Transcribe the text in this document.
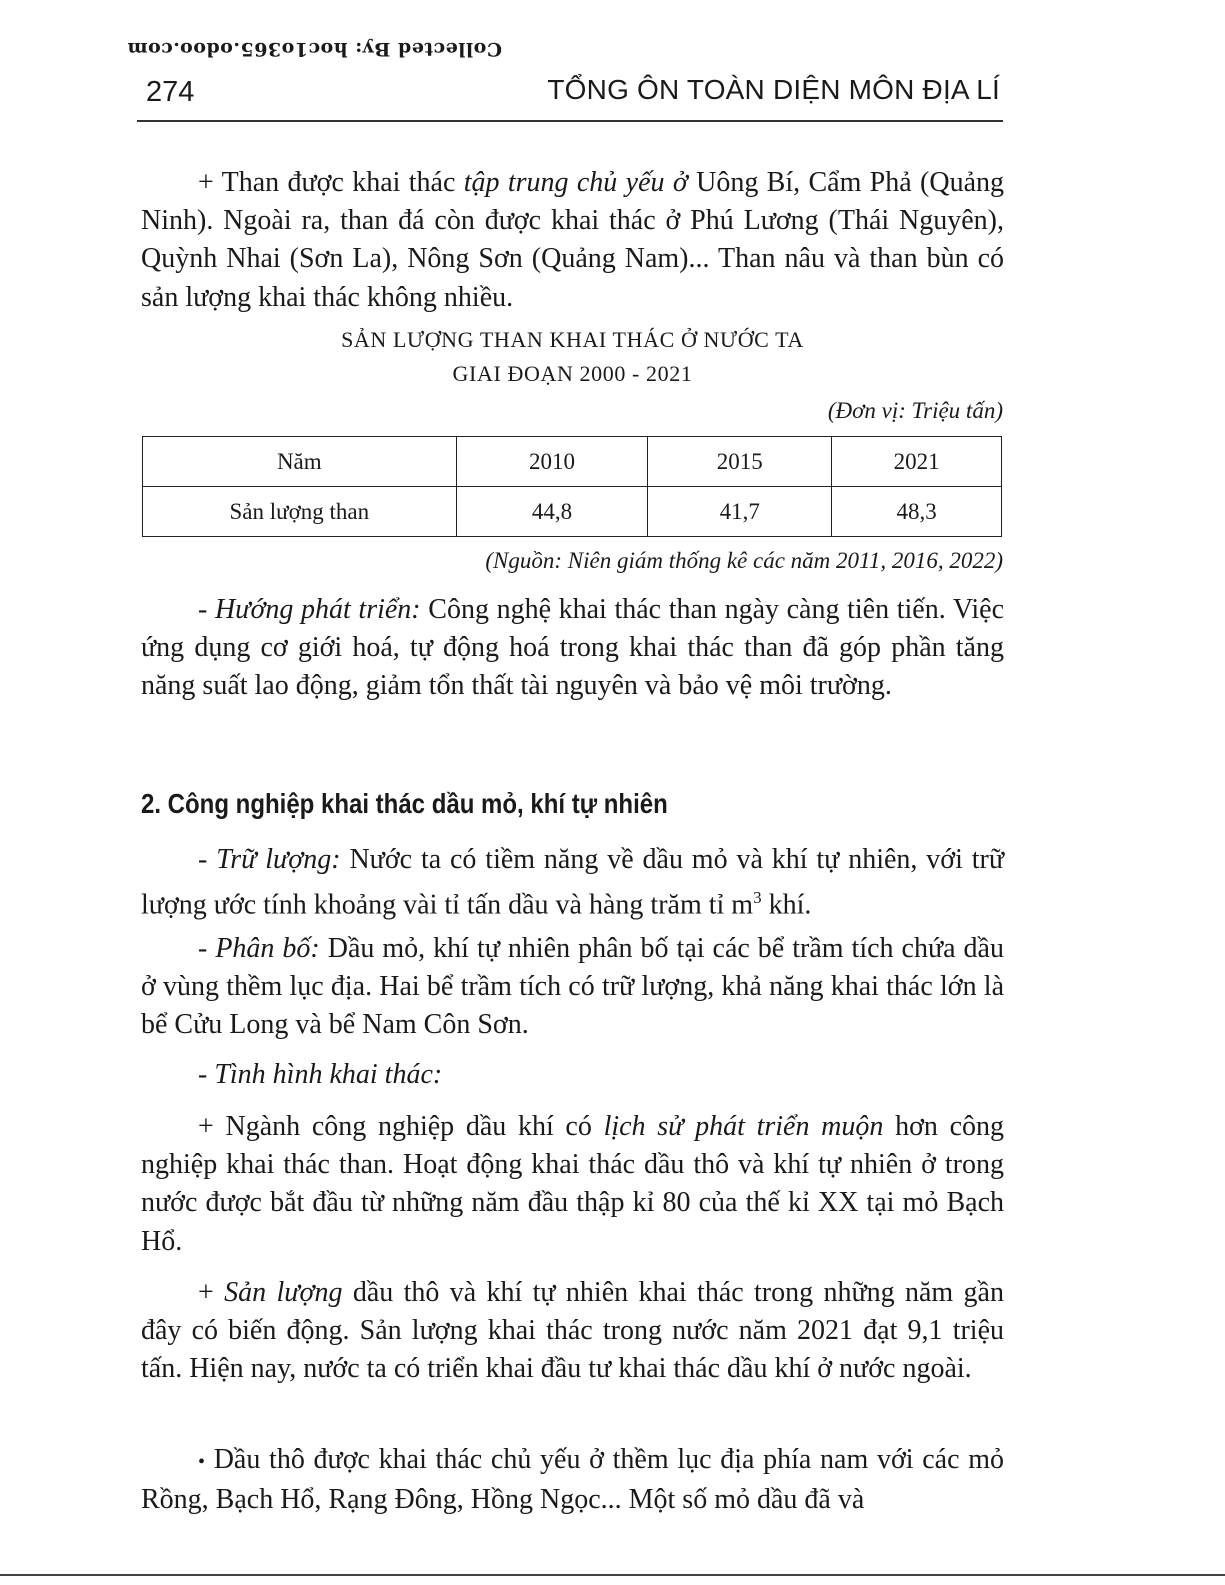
Collected By: hoc1o365.odoo.com
274	TỔNG ÔN TOÀN DIỆN MÔN ĐỊA LÍ

+ Than được khai thác tập trung chủ yếu ở Uông Bí, Cẩm Phả (Quảng Ninh). Ngoài ra, than đá còn được khai thác ở Phú Lương (Thái Nguyên), Quỳnh Nhai (Sơn La), Nông Sơn (Quảng Nam)... Than nâu và than bùn có sản lượng khai thác không nhiều.

SẢN LƯỢNG THAN KHAI THÁC Ở NƯỚC TA
GIAI ĐOẠN 2000 - 2021
(Đơn vị: Triệu tấn)
Năm	2010	2015	2021
Sản lượng than	44,8	41,7	48,3
(Nguồn: Niên giám thống kê các năm 2011, 2016, 2022)

- Hướng phát triển: Công nghệ khai thác than ngày càng tiên tiến. Việc ứng dụng cơ giới hoá, tự động hoá trong khai thác than đã góp phần tăng năng suất lao động, giảm tổn thất tài nguyên và bảo vệ môi trường.

2. Công nghiệp khai thác dầu mỏ, khí tự nhiên

- Trữ lượng: Nước ta có tiềm năng về dầu mỏ và khí tự nhiên, với trữ lượng ước tính khoảng vài tỉ tấn dầu và hàng trăm tỉ $m^3$ khí.

- Phân bố: Dầu mỏ, khí tự nhiên phân bố tại các bể trầm tích chứa dầu ở vùng thềm lục địa. Hai bể trầm tích có trữ lượng, khả năng khai thác lớn là bể Cửu Long và bể Nam Côn Sơn.

- Tình hình khai thác:

+ Ngành công nghiệp dầu khí có lịch sử phát triển muộn hơn công nghiệp khai thác than. Hoạt động khai thác dầu thô và khí tự nhiên ở trong nước được bắt đầu từ những năm đầu thập kỉ 80 của thế kỉ XX tại mỏ Bạch Hổ.

+ Sản lượng dầu thô và khí tự nhiên khai thác trong những năm gần đây có biến động. Sản lượng khai thác trong nước năm 2021 đạt 9,1 triệu tấn. Hiện nay, nước ta có triển khai đầu tư khai thác dầu khí ở nước ngoài.

• Dầu thô được khai thác chủ yếu ở thềm lục địa phía nam với các mỏ Rồng, Bạch Hổ, Rạng Đông, Hồng Ngọc... Một số mỏ dầu đã và
